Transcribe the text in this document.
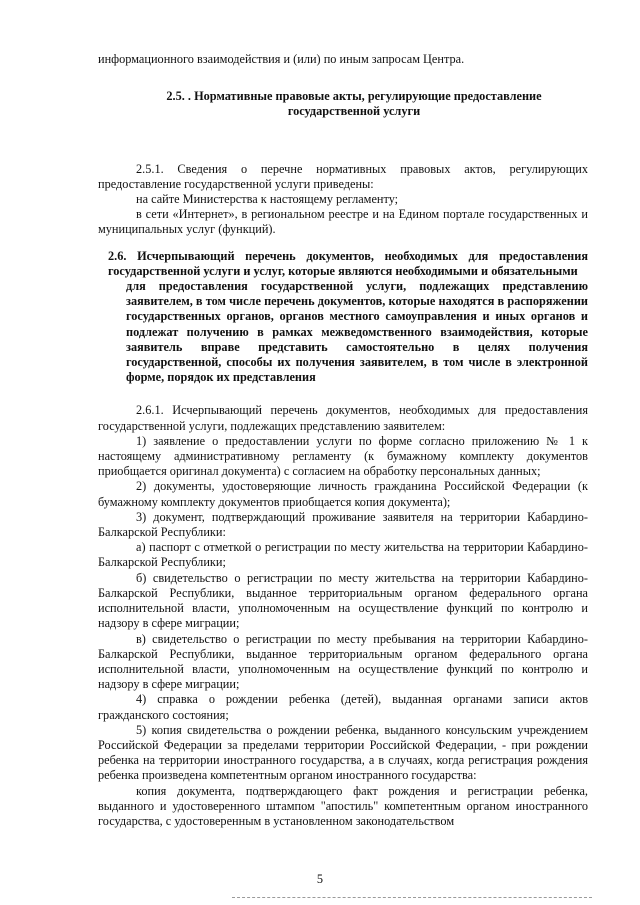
информационного взаимодействия и (или) по иным запросам Центра.

2.5. . Нормативные правовые акты, регулирующие предоставление государственной услуги

2.5.1. Сведения о перечне нормативных правовых актов, регулирующих предоставление государственной услуги приведены:

на сайте Министерства к настоящему регламенту;

в сети «Интернет», в региональном реестре и на Едином портале государственных и муниципальных услуг (функций).

2.6. Исчерпывающий перечень документов, необходимых для предоставления государственной услуги и услуг, которые являются необходимыми и обязательными

для предоставления государственной услуги, подлежащих представлению заявителем, в том числе перечень документов, которые находятся в распоряжении государственных органов, органов местного самоуправления и иных органов и подлежат получению в рамках межведомственного взаимодействия, которые заявитель вправе представить самостоятельно в целях получения государственной, способы их получения заявителем, в том числе в электронной форме, порядок их представления

2.6.1. Исчерпывающий перечень документов, необходимых для предоставления государственной услуги, подлежащих представлению заявителем:

1) заявление о предоставлении услуги по форме согласно приложению № 1 к настоящему административному регламенту (к бумажному комплекту документов приобщается оригинал документа) с согласием на обработку персональных данных;

2) документы, удостоверяющие личность гражданина Российской Федерации (к бумажному комплекту документов приобщается копия документа);

3) документ, подтверждающий проживание заявителя на территории Кабардино-Балкарской Республики:

а) паспорт с отметкой о регистрации по месту жительства на территории Кабардино-Балкарской Республики;

б) свидетельство о регистрации по месту жительства на территории Кабардино-Балкарской Республики, выданное территориальным органом федерального органа исполнительной власти, уполномоченным на осуществление функций по контролю и надзору в сфере миграции;

в) свидетельство о регистрации по месту пребывания на территории Кабардино-Балкарской Республики, выданное территориальным органом федерального органа исполнительной власти, уполномоченным на осуществление функций по контролю и надзору в сфере миграции;

4) справка о рождении ребенка (детей), выданная органами записи актов гражданского состояния;

5) копия свидетельства о рождении ребенка, выданного консульским учреждением Российской Федерации за пределами территории Российской Федерации, - при рождении ребенка на территории иностранного государства, а в случаях, когда регистрация рождения ребенка произведена компетентным органом иностранного государства:

копия документа, подтверждающего факт рождения и регистрации ребенка, выданного и удостоверенного штампом "апостиль" компетентным органом иностранного государства, с удостоверенным в установленном законодательством

5
